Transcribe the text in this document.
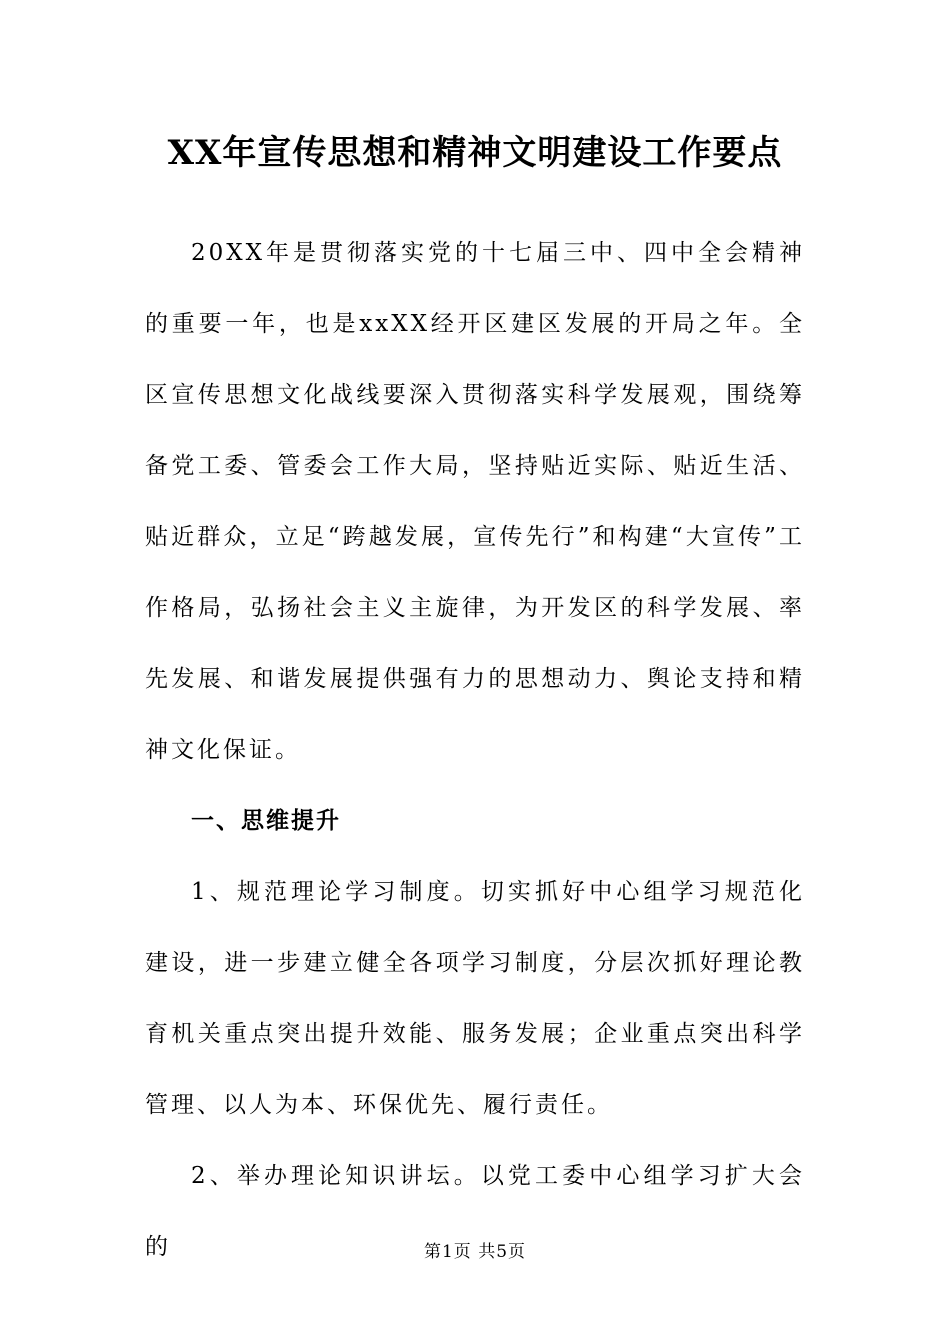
XX年宣传思想和精神文明建设工作要点

20XX年是贯彻落实党的十七届三中、四中全会精神的重要一年，也是xxXX经开区建区发展的开局之年。全区宣传思想文化战线要深入贯彻落实科学发展观，围绕筹备党工委、管委会工作大局，坚持贴近实际、贴近生活、贴近群众，立足“跨越发展，宣传先行”和构建“大宣传”工作格局，弘扬社会主义主旋律，为开发区的科学发展、率先发展、和谐发展提供强有力的思想动力、舆论支持和精神文化保证。

一、思维提升

1、规范理论学习制度。切实抓好中心组学习规范化建设，进一步建立健全各项学习制度，分层次抓好理论教育机关重点突出提升效能、服务发展；企业重点突出科学管理、以人为本、环保优先、履行责任。

2、举办理论知识讲坛。以党工委中心组学习扩大会的	第1页 共5页
